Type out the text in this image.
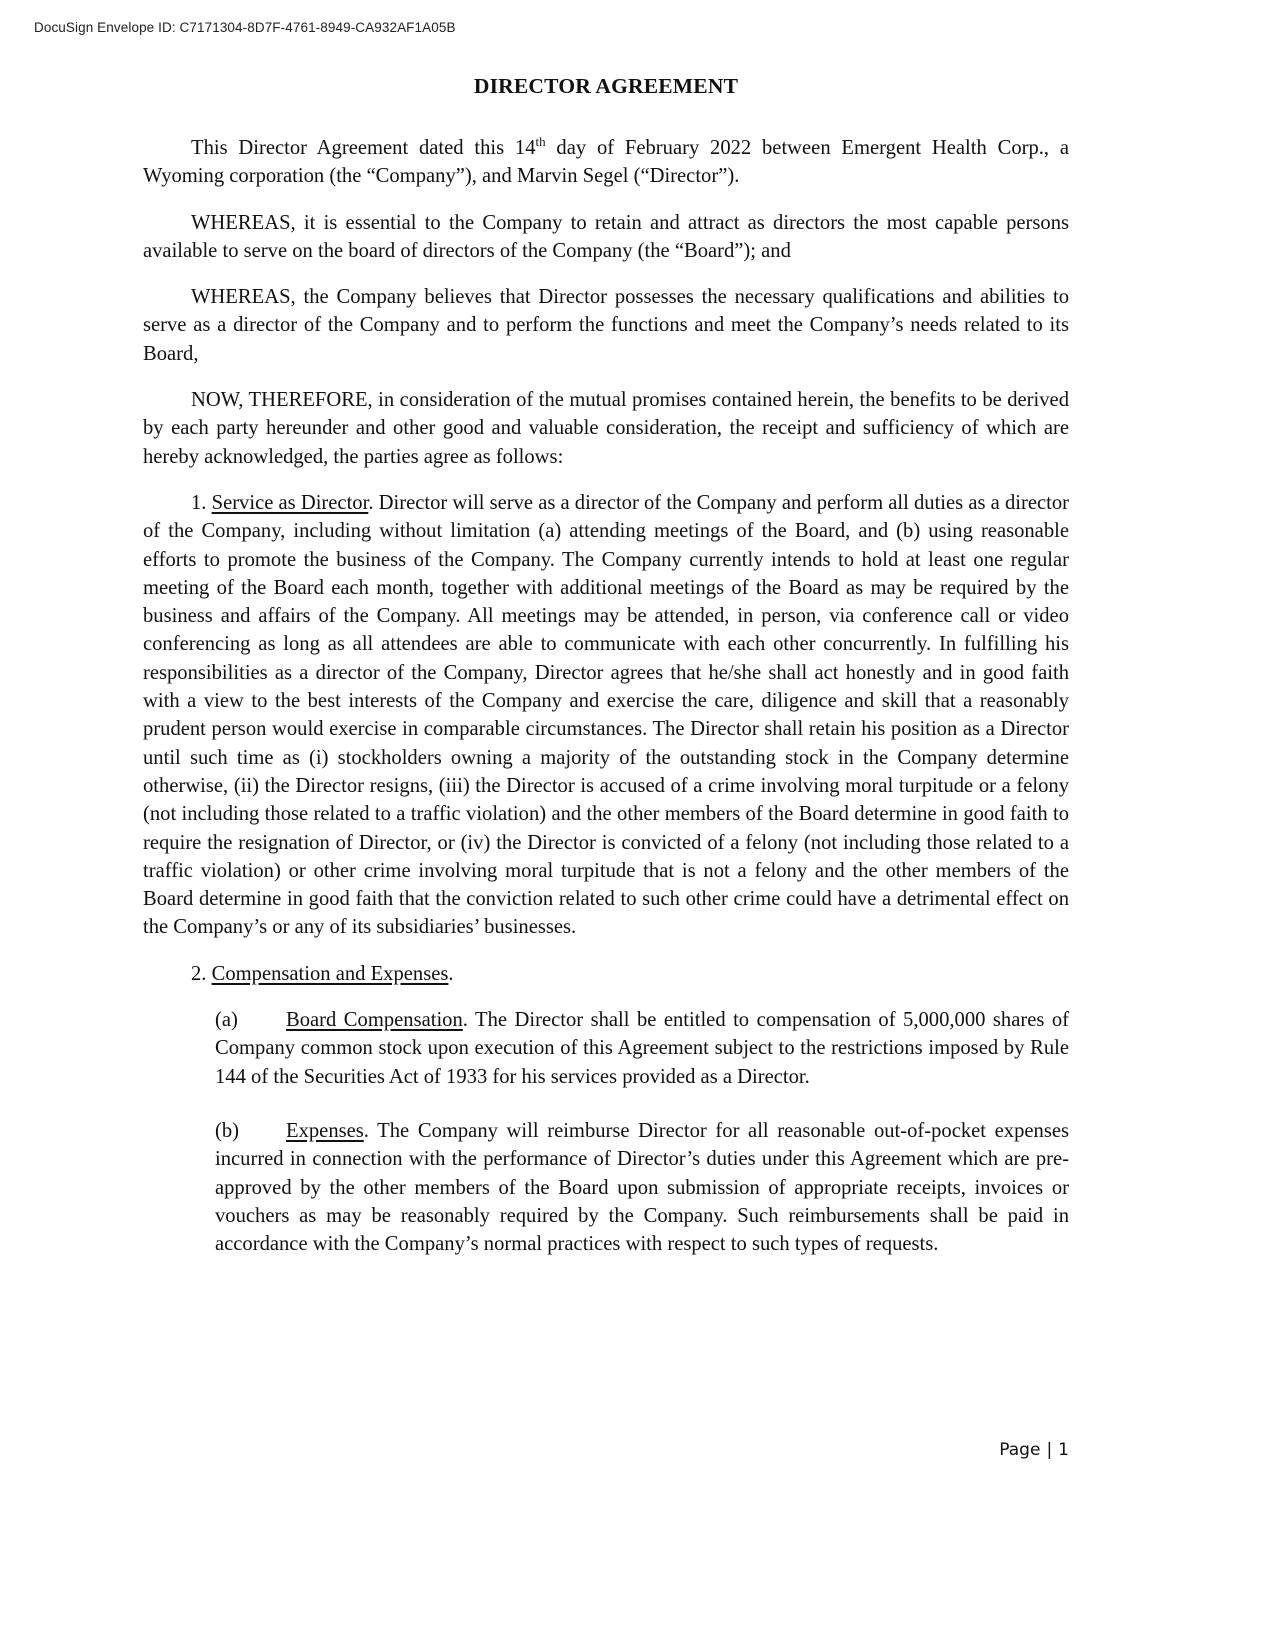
DocuSign Envelope ID: C7171304-8D7F-4761-8949-CA932AF1A05B
DIRECTOR AGREEMENT

This Director Agreement dated this 14th day of February 2022 between Emergent Health Corp., a Wyoming corporation (the “Company”), and Marvin Segel (“Director”).

WHEREAS, it is essential to the Company to retain and attract as directors the most capable persons available to serve on the board of directors of the Company (the “Board”); and

WHEREAS, the Company believes that Director possesses the necessary qualifications and abilities to serve as a director of the Company and to perform the functions and meet the Company’s needs related to its Board,

NOW, THEREFORE, in consideration of the mutual promises contained herein, the benefits to be derived by each party hereunder and other good and valuable consideration, the receipt and sufficiency of which are hereby acknowledged, the parties agree as follows:

1. Service as Director. Director will serve as a director of the Company and perform all duties as a director of the Company, including without limitation (a) attending meetings of the Board, and (b) using reasonable efforts to promote the business of the Company. The Company currently intends to hold at least one regular meeting of the Board each month, together with additional meetings of the Board as may be required by the business and affairs of the Company. All meetings may be attended, in person, via conference call or video conferencing as long as all attendees are able to communicate with each other concurrently. In fulfilling his responsibilities as a director of the Company, Director agrees that he/she shall act honestly and in good faith with a view to the best interests of the Company and exercise the care, diligence and skill that a reasonably prudent person would exercise in comparable circumstances. The Director shall retain his position as a Director until such time as (i) stockholders owning a majority of the outstanding stock in the Company determine otherwise, (ii) the Director resigns, (iii) the Director is accused of a crime involving moral turpitude or a felony (not including those related to a traffic violation) and the other members of the Board determine in good faith to require the resignation of Director, or (iv) the Director is convicted of a felony (not including those related to a traffic violation) or other crime involving moral turpitude that is not a felony and the other members of the Board determine in good faith that the conviction related to such other crime could have a detrimental effect on the Company’s or any of its subsidiaries’ businesses.

2. Compensation and Expenses.

(a) Board Compensation. The Director shall be entitled to compensation of 5,000,000 shares of Company common stock upon execution of this Agreement subject to the restrictions imposed by Rule 144 of the Securities Act of 1933 for his services provided as a Director.

(b) Expenses. The Company will reimburse Director for all reasonable out-of-pocket expenses incurred in connection with the performance of Director’s duties under this Agreement which are pre-approved by the other members of the Board upon submission of appropriate receipts, invoices or vouchers as may be reasonably required by the Company. Such reimbursements shall be paid in accordance with the Company’s normal practices with respect to such types of requests.

Page | 1
